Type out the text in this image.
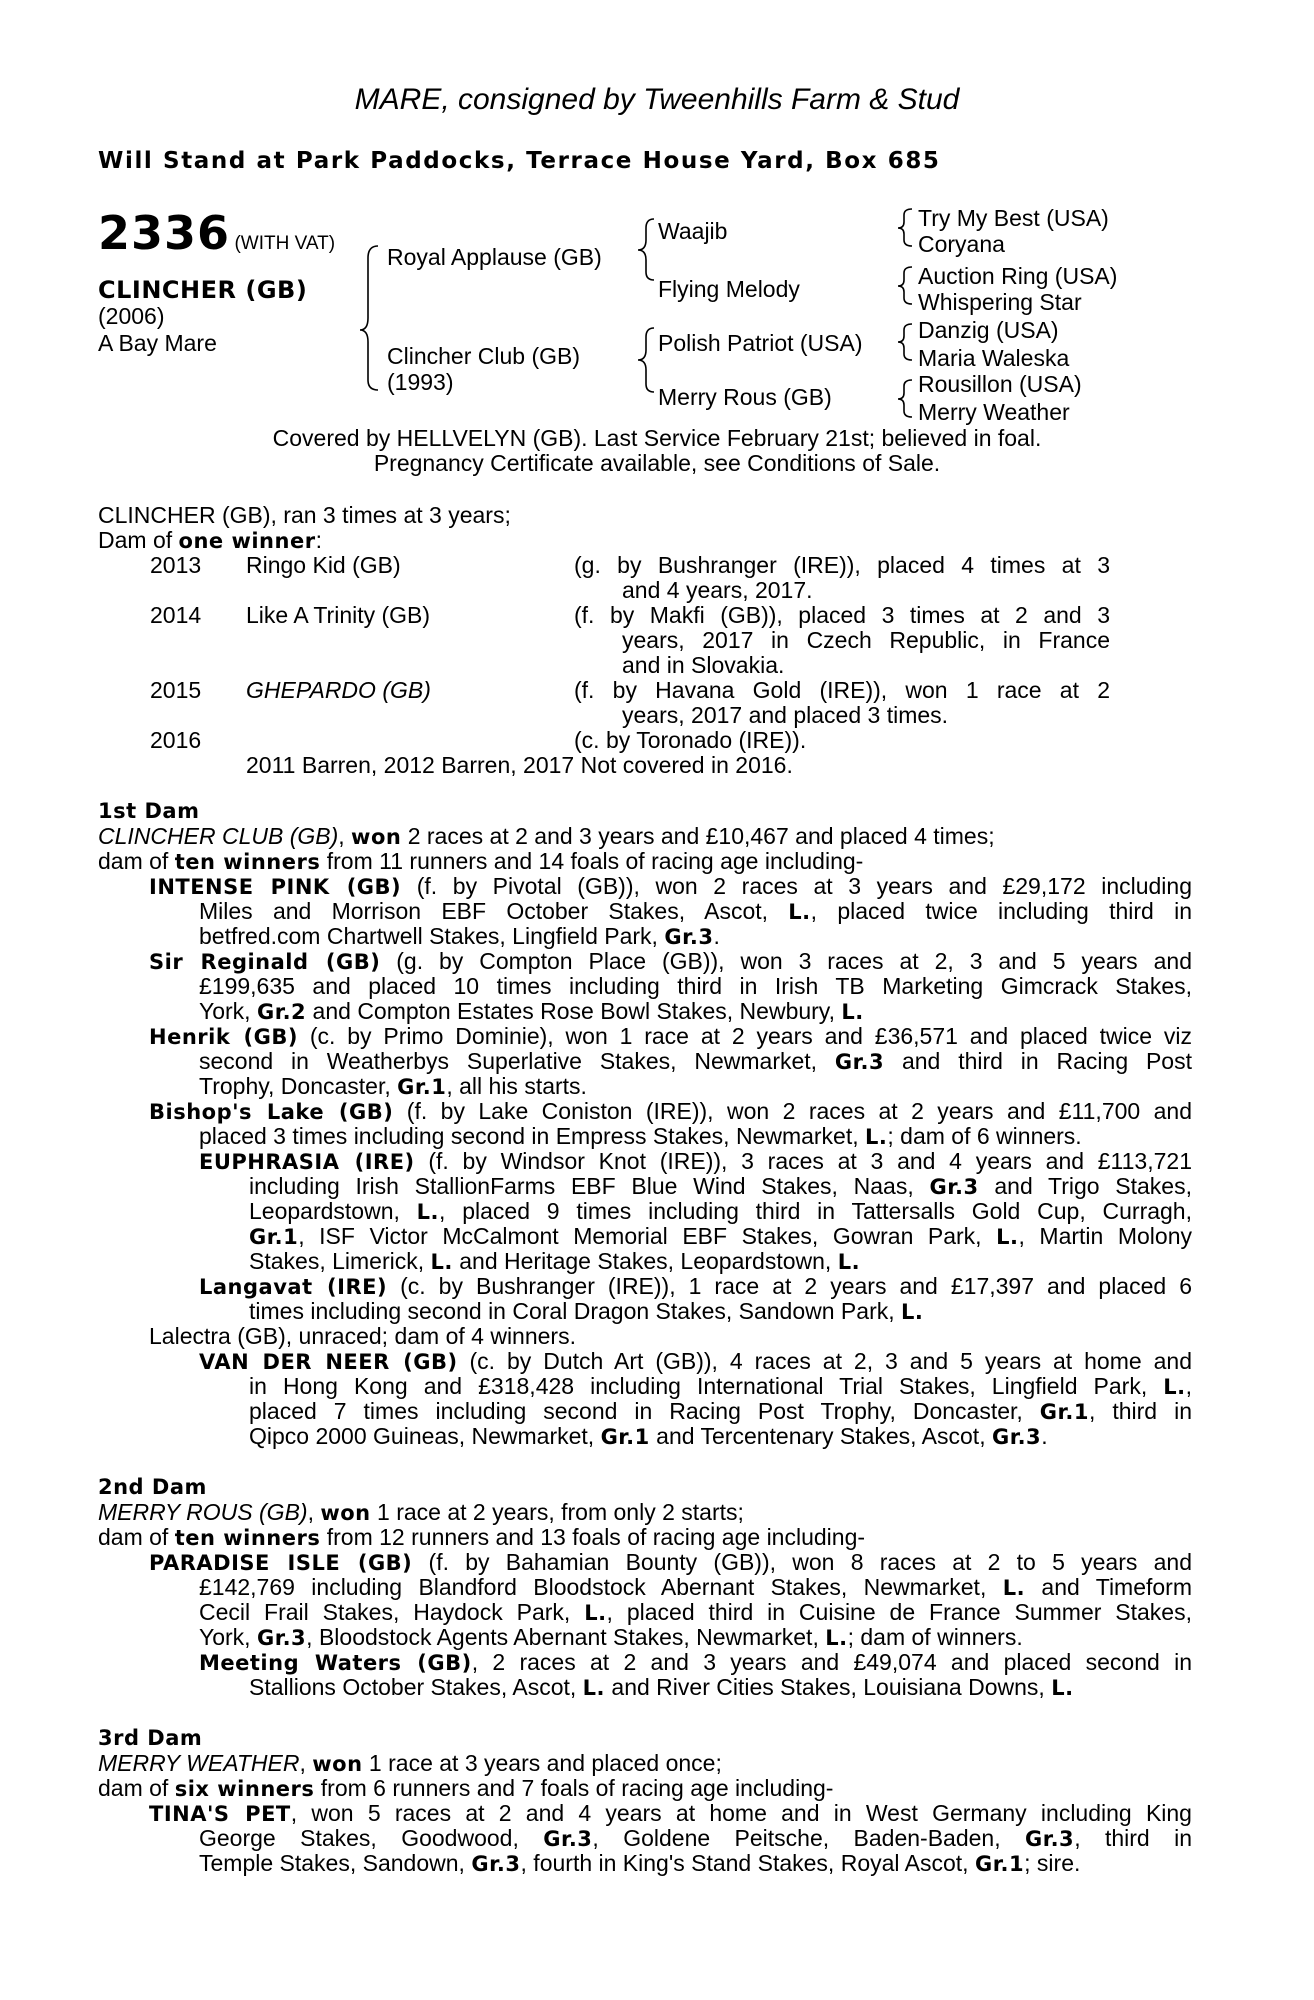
MARE, consigned by Tweenhills Farm & Stud
Will Stand at Park Paddocks, Terrace House Yard, Box 685
2336 (WITH VAT)
CLINCHER (GB)
(2006)
A Bay Mare
Royal Applause (GB)
Clincher Club (GB)
(1993)
Waajib
Flying Melody
Polish Patriot (USA)
Merry Rous (GB)
Try My Best (USA)
Coryana
Auction Ring (USA)
Whispering Star
Danzig (USA)
Maria Waleska
Rousillon (USA)
Merry Weather
Covered by HELLVELYN (GB). Last Service February 21st; believed in foal.
Pregnancy Certificate available, see Conditions of Sale.
CLINCHER (GB), ran 3 times at 3 years;
Dam of one winner:
2013 Ringo Kid (GB)	(g. by Bushranger (IRE)), placed 4 times at 3
and 4 years, 2017.
2014 Like A Trinity (GB)	(f. by Makfi (GB)), placed 3 times at 2 and 3
years, 2017 in Czech Republic, in France
and in Slovakia.
2015 GHEPARDO (GB)	(f. by Havana Gold (IRE)), won 1 race at 2
years, 2017 and placed 3 times.
2016	(c. by Toronado (IRE)).
2011 Barren, 2012 Barren, 2017 Not covered in 2016.
1st Dam
CLINCHER CLUB (GB), won 2 races at 2 and 3 years and £10,467 and placed 4 times;
dam of ten winners from 11 runners and 14 foals of racing age including-
INTENSE PINK (GB) (f. by Pivotal (GB)), won 2 races at 3 years and £29,172 including
Miles and Morrison EBF October Stakes, Ascot, L., placed twice including third in
betfred.com Chartwell Stakes, Lingfield Park, Gr.3.
Sir Reginald (GB) (g. by Compton Place (GB)), won 3 races at 2, 3 and 5 years and
£199,635 and placed 10 times including third in Irish TB Marketing Gimcrack Stakes,
York, Gr.2 and Compton Estates Rose Bowl Stakes, Newbury, L.
Henrik (GB) (c. by Primo Dominie), won 1 race at 2 years and £36,571 and placed twice viz
second in Weatherbys Superlative Stakes, Newmarket, Gr.3 and third in Racing Post
Trophy, Doncaster, Gr.1, all his starts.
Bishop's Lake (GB) (f. by Lake Coniston (IRE)), won 2 races at 2 years and £11,700 and
placed 3 times including second in Empress Stakes, Newmarket, L.; dam of 6 winners.
EUPHRASIA (IRE) (f. by Windsor Knot (IRE)), 3 races at 3 and 4 years and £113,721
including Irish StallionFarms EBF Blue Wind Stakes, Naas, Gr.3 and Trigo Stakes,
Leopardstown, L., placed 9 times including third in Tattersalls Gold Cup, Curragh,
Gr.1, ISF Victor McCalmont Memorial EBF Stakes, Gowran Park, L., Martin Molony
Stakes, Limerick, L. and Heritage Stakes, Leopardstown, L.
Langavat (IRE) (c. by Bushranger (IRE)), 1 race at 2 years and £17,397 and placed 6
times including second in Coral Dragon Stakes, Sandown Park, L.
Lalectra (GB), unraced; dam of 4 winners.
VAN DER NEER (GB) (c. by Dutch Art (GB)), 4 races at 2, 3 and 5 years at home and
in Hong Kong and £318,428 including International Trial Stakes, Lingfield Park, L.,
placed 7 times including second in Racing Post Trophy, Doncaster, Gr.1, third in
Qipco 2000 Guineas, Newmarket, Gr.1 and Tercentenary Stakes, Ascot, Gr.3.
2nd Dam
MERRY ROUS (GB), won 1 race at 2 years, from only 2 starts;
dam of ten winners from 12 runners and 13 foals of racing age including-
PARADISE ISLE (GB) (f. by Bahamian Bounty (GB)), won 8 races at 2 to 5 years and
£142,769 including Blandford Bloodstock Abernant Stakes, Newmarket, L. and Timeform
Cecil Frail Stakes, Haydock Park, L., placed third in Cuisine de France Summer Stakes,
York, Gr.3, Bloodstock Agents Abernant Stakes, Newmarket, L.; dam of winners.
Meeting Waters (GB), 2 races at 2 and 3 years and £49,074 and placed second in
Stallions October Stakes, Ascot, L. and River Cities Stakes, Louisiana Downs, L.
3rd Dam
MERRY WEATHER, won 1 race at 3 years and placed once;
dam of six winners from 6 runners and 7 foals of racing age including-
TINA'S PET, won 5 races at 2 and 4 years at home and in West Germany including King
George Stakes, Goodwood, Gr.3, Goldene Peitsche, Baden-Baden, Gr.3, third in
Temple Stakes, Sandown, Gr.3, fourth in King's Stand Stakes, Royal Ascot, Gr.1; sire.
